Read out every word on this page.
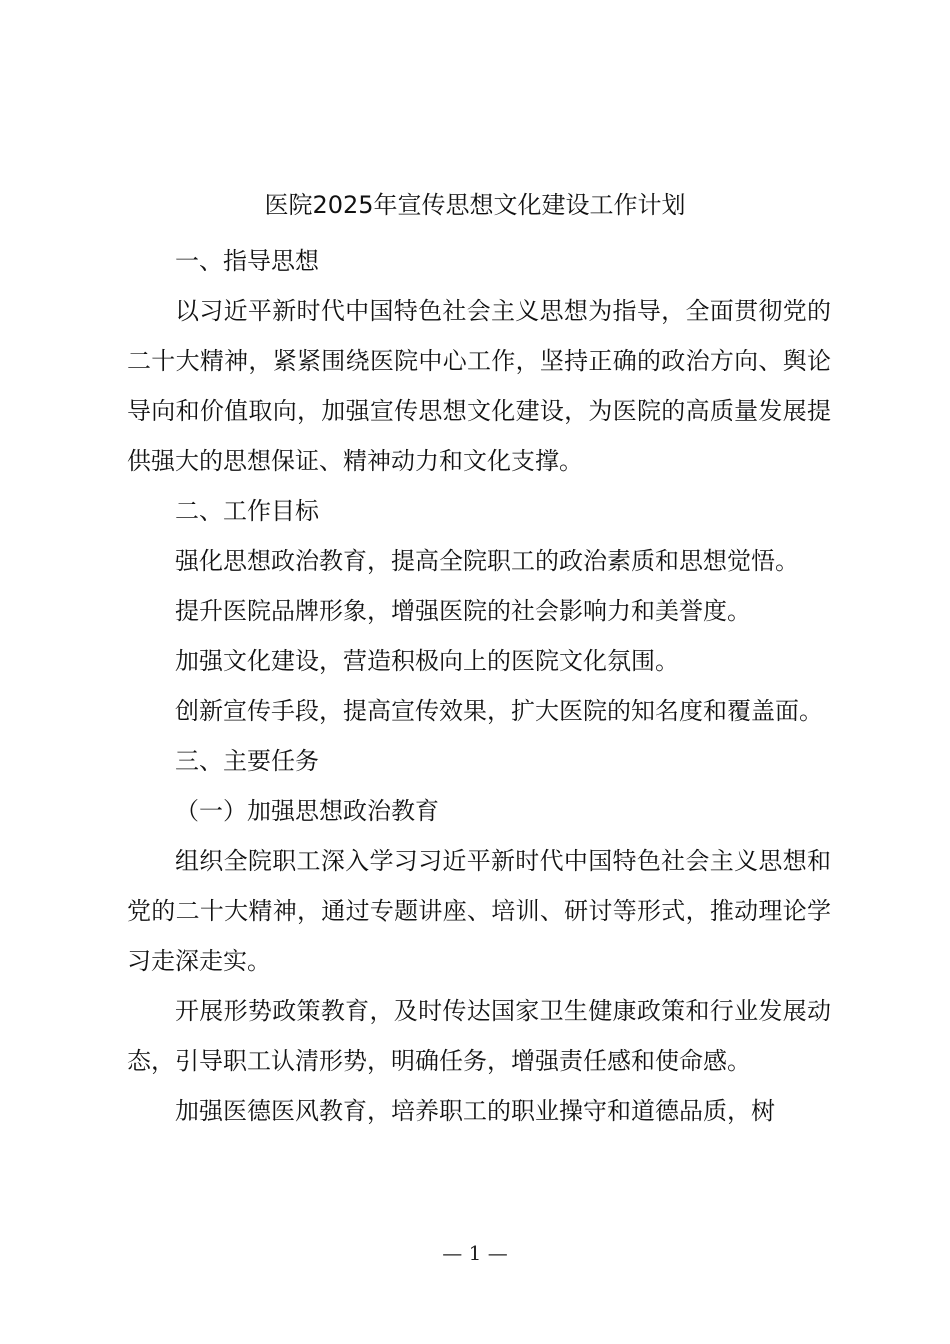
医院2025年宣传思想文化建设工作计划

一、指导思想

以习近平新时代中国特色社会主义思想为指导，全面贯彻党的二十大精神，紧紧围绕医院中心工作，坚持正确的政治方向、舆论导向和价值取向，加强宣传思想文化建设，为医院的高质量发展提供强大的思想保证、精神动力和文化支撑。

二、工作目标

强化思想政治教育，提高全院职工的政治素质和思想觉悟。

提升医院品牌形象，增强医院的社会影响力和美誉度。

加强文化建设，营造积极向上的医院文化氛围。

创新宣传手段，提高宣传效果，扩大医院的知名度和覆盖面。

三、主要任务

（一）加强思想政治教育

组织全院职工深入学习习近平新时代中国特色社会主义思想和党的二十大精神，通过专题讲座、培训、研讨等形式，推动理论学习走深走实。

开展形势政策教育，及时传达国家卫生健康政策和行业发展动态，引导职工认清形势，明确任务，增强责任感和使命感。

加强医德医风教育，培养职工的职业操守和道德品质，树

— 1 —
